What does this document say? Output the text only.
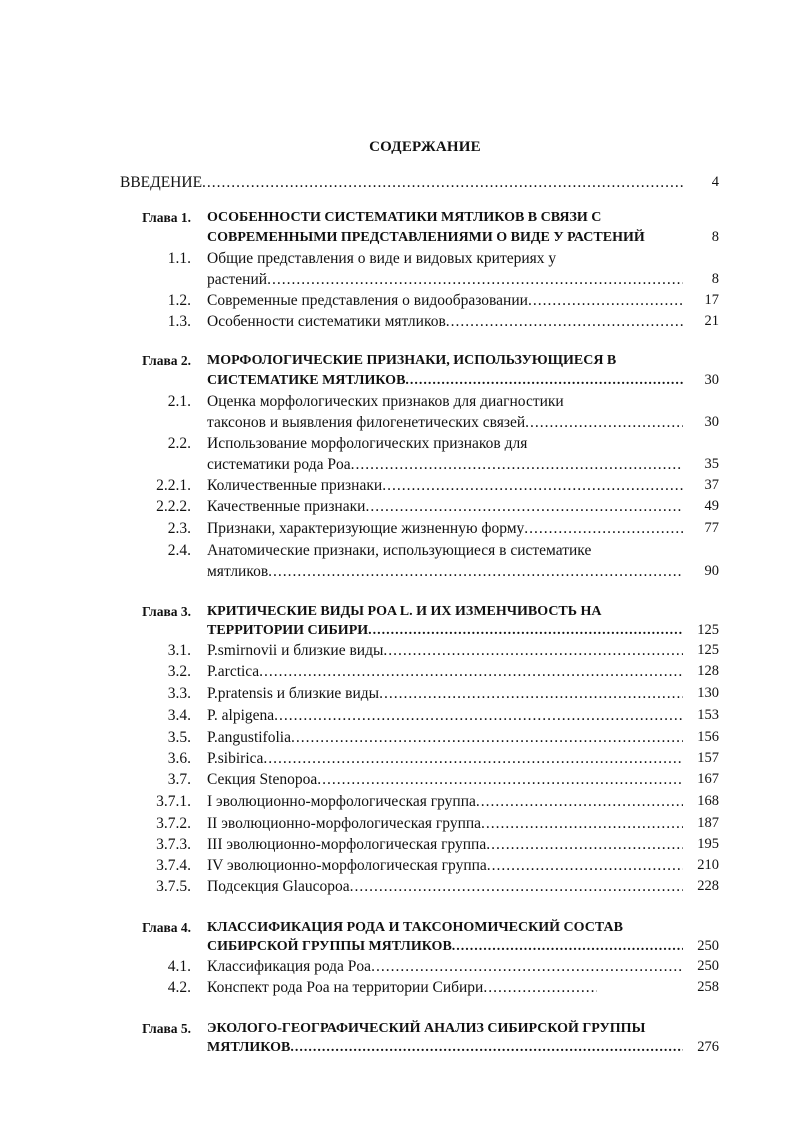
СОДЕРЖАНИЕ
ВВЕДЕНИЕ .....	4
Глава 1. ОСОБЕННОСТИ СИСТЕМАТИКИ МЯТЛИКОВ В СВЯЗИ С
СОВРЕМЕННЫМИ ПРЕДСТАВЛЕНИЯМИ О ВИДЕ У РАСТЕНИЙ	8
1.1. Общие представления о виде и видовых критериях у
растений .....	8
1.2. Современные представления о видообразовании .....	17
1.3. Особенности систематики мятликов .....	21
Глава 2. МОРФОЛОГИЧЕСКИЕ ПРИЗНАКИ, ИСПОЛЬЗУЮЩИЕСЯ В
СИСТЕМАТИКЕ МЯТЛИКОВ .....	30
2.1. Оценка морфологических признаков для диагностики
таксонов и выявления филогенетических связей .....	30
2.2. Использование морфологических признаков для
систематики рода Poa .....	35
2.2.1. Количественные признаки .....	37
2.2.2. Качественные признаки .....	49
2.3. Признаки, характеризующие жизненную форму .....	77
2.4. Анатомические признаки, использующиеся в систематике
мятликов .....	90
Глава 3. КРИТИЧЕСКИЕ ВИДЫ POA L. И ИХ ИЗМЕНЧИВОСТЬ НА
ТЕРРИТОРИИ СИБИРИ .....	125
3.1. P.smirnovii и близкие виды .....	125
3.2. P.arctica .....	128
3.3. P.pratensis и близкие виды .....	130
3.4. P. alpigena .....	153
3.5. P.angustifolia .....	156
3.6. P.sibirica .....	157
3.7. Секция Stenopoa .....	167
3.7.1. I эволюционно-морфологическая группа .....	168
3.7.2. II эволюционно-морфологическая группа .....	187
3.7.3. III эволюционно-морфологическая группа .....	195
3.7.4. IV эволюционно-морфологическая группа .....	210
3.7.5. Подсекция Glaucopoa .....	228
Глава 4. КЛАССИФИКАЦИЯ РОДА И ТАКСОНОМИЧЕСКИЙ СОСТАВ
СИБИРСКОЙ ГРУППЫ МЯТЛИКОВ .....	250
4.1. Классификация рода Poa .....	250
4.2. Конспект рода Poa на территории Сибири .....	258
Глава 5. ЭКОЛОГО-ГЕОГРАФИЧЕСКИЙ АНАЛИЗ СИБИРСКОЙ ГРУППЫ
МЯТЛИКОВ .....	276
